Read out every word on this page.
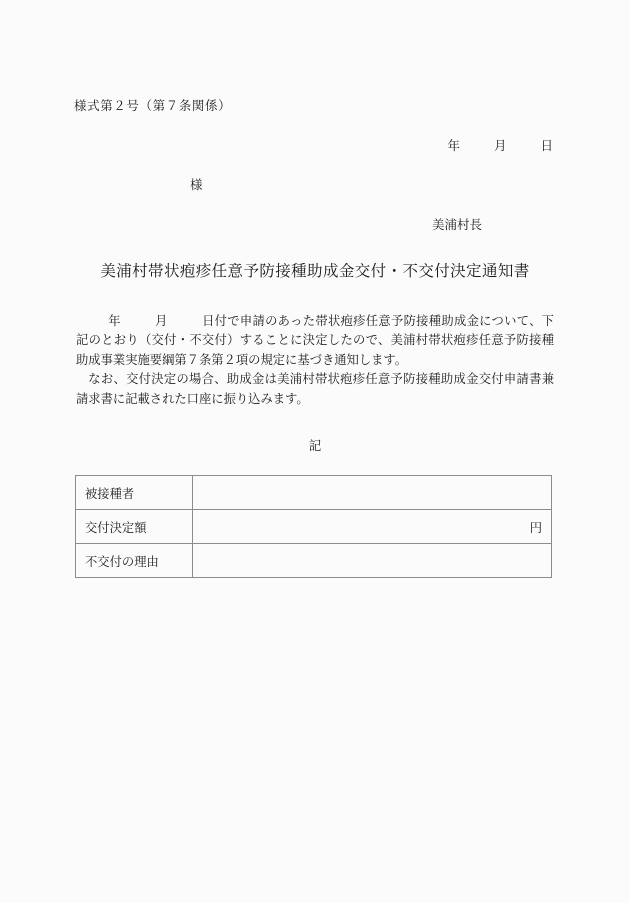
様式第２号（第７条関係）
年	月	日
様
美浦村長
美浦村帯状疱疹任意予防接種助成金交付・不交付決定通知書

年	月	日付で申請のあった帯状疱疹任意予防接種助成金について、下記のとおり（交付・不交付）することに決定したので、美浦村帯状疱疹任意予防接種助成事業実施要綱第７条第２項の規定に基づき通知します。

なお、交付決定の場合、助成金は美浦村帯状疱疹任意予防接種助成金交付申請書兼請求書に記載された口座に振り込みます。

記
被接種者	
交付決定額	円
不交付の理由	
